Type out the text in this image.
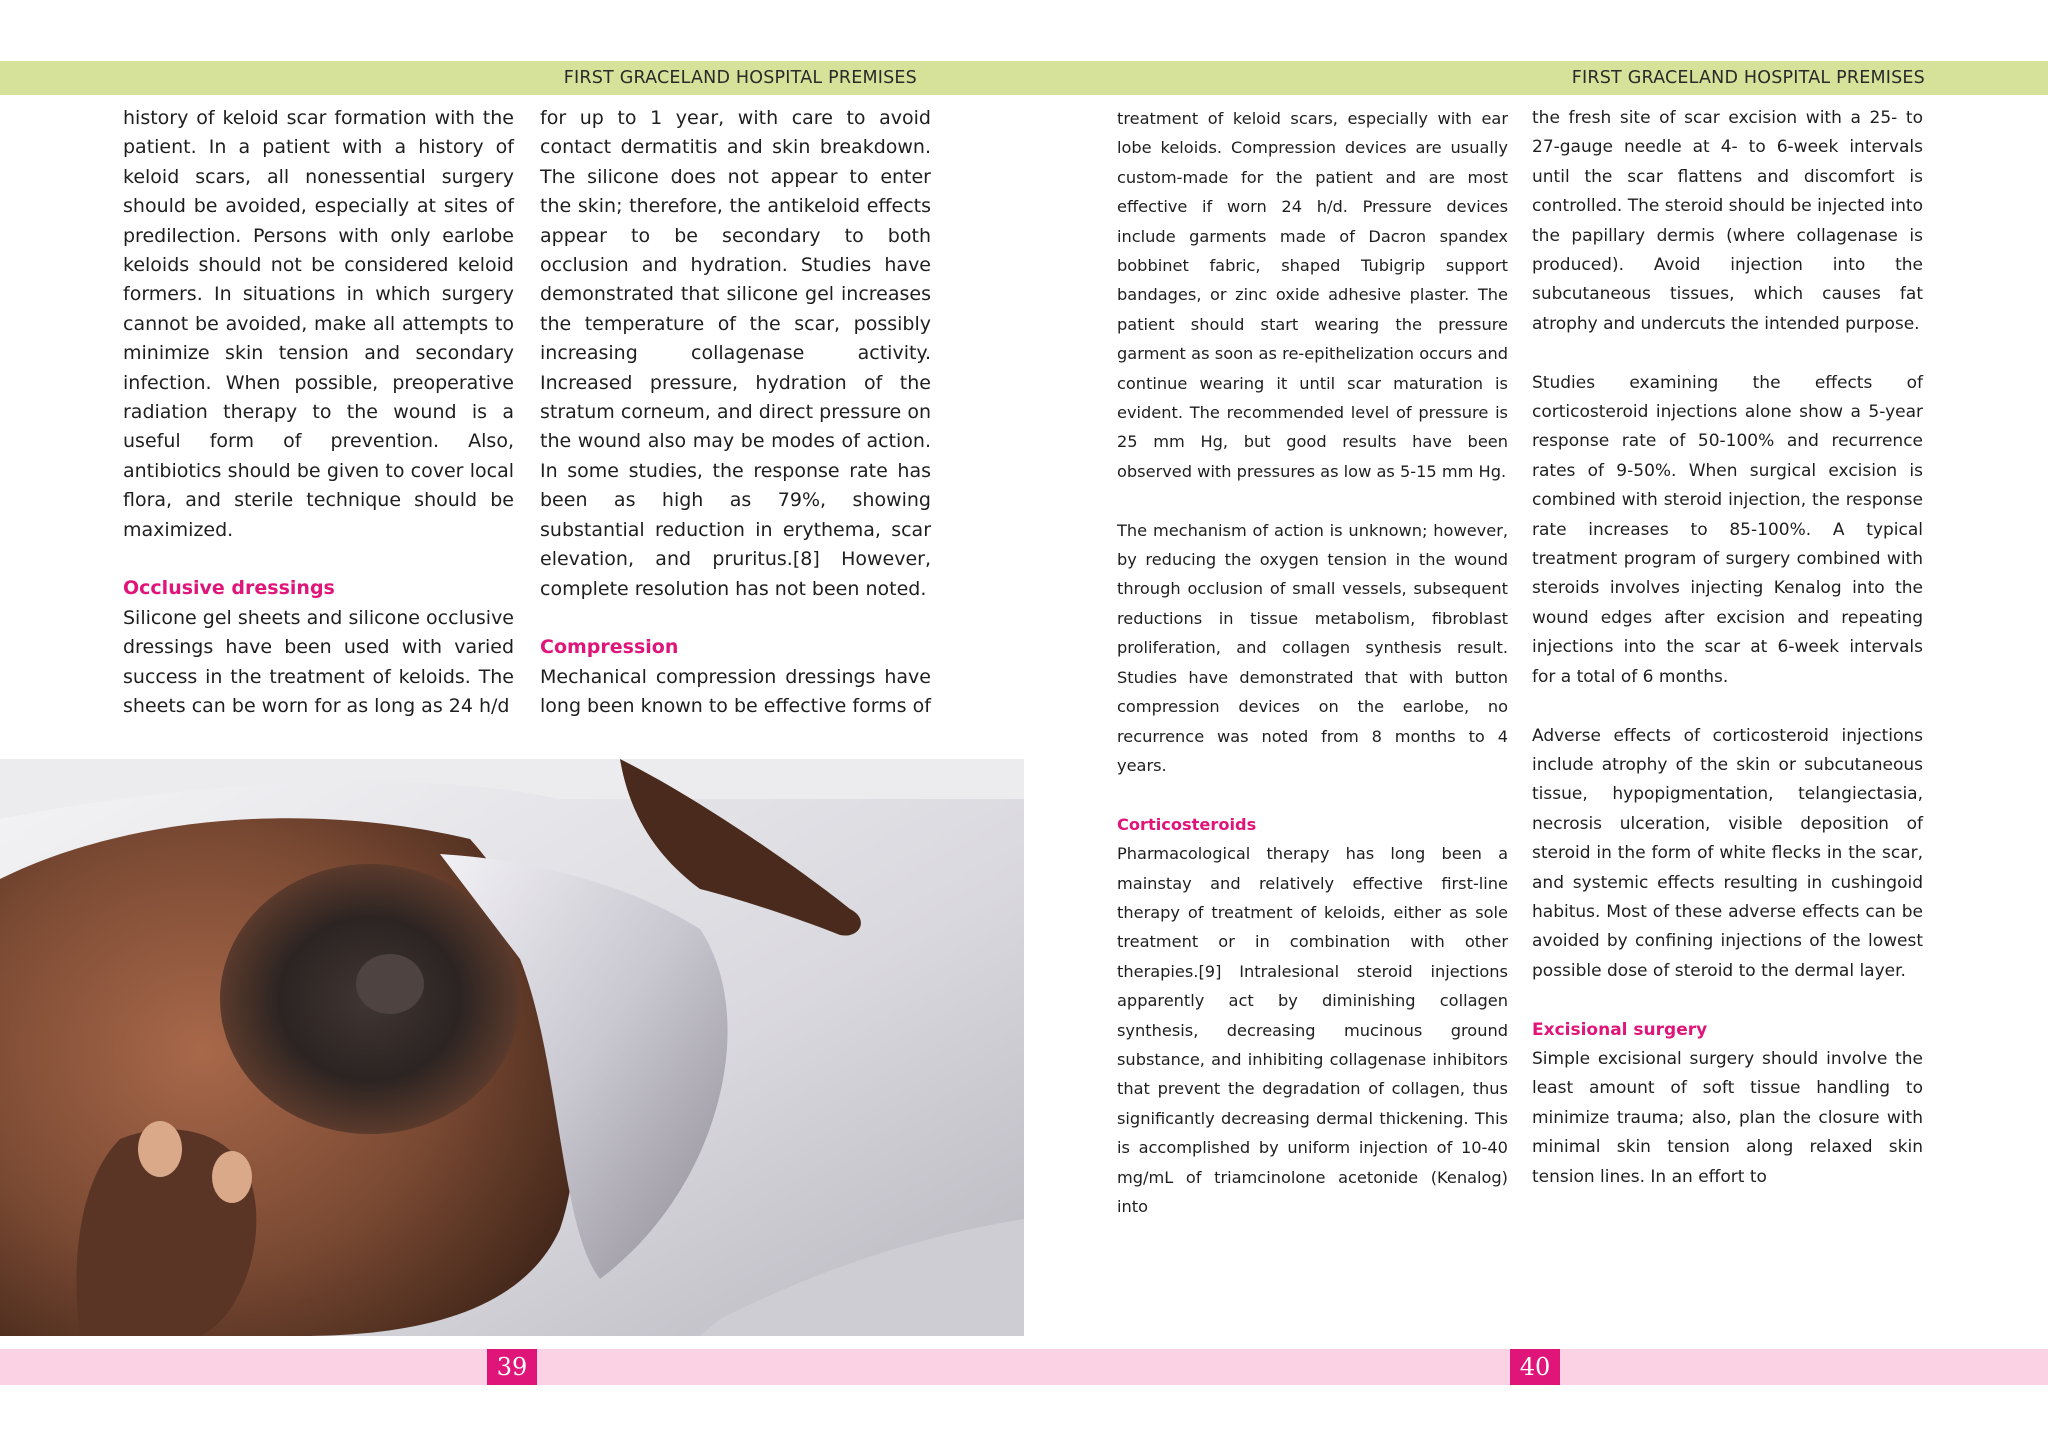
FIRST GRACELAND HOSPITAL PREMISES	FIRST GRACELAND HOSPITAL PREMISES

history of keloid scar formation with the patient. In a patient with a history of keloid scars, all nonessential surgery should be avoided, especially at sites of predilection. Persons with only earlobe keloids should not be considered keloid formers. In situations in which surgery cannot be avoided, make all attempts to minimize skin tension and secondary infection. When possible, preoperative radiation therapy to the wound is a useful form of prevention. Also, antibiotics should be given to cover local flora, and sterile technique should be maximized.

Occlusive dressings

Silicone gel sheets and silicone occlusive dressings have been used with varied success in the treatment of keloids. The sheets can be worn for as long as 24 h/d

for up to 1 year, with care to avoid contact dermatitis and skin breakdown. The silicone does not appear to enter the skin; therefore, the antikeloid effects appear to be secondary to both occlusion and hydration. Studies have demonstrated that silicone gel increases the temperature of the scar, possibly increasing collagenase activity. Increased pressure, hydration of the stratum corneum, and direct pressure on the wound also may be modes of action. In some studies, the response rate has been as high as 79%, showing substantial reduction in erythema, scar elevation, and pruritus.[8] However, complete resolution has not been noted.

Compression

Mechanical compression dressings have long been known to be effective forms of

treatment of keloid scars, especially with ear lobe keloids. Compression devices are usually custom-made for the patient and are most effective if worn 24 h/d. Pressure devices include garments made of Dacron spandex bobbinet fabric, shaped Tubigrip support bandages, or zinc oxide adhesive plaster. The patient should start wearing the pressure garment as soon as re-epithelization occurs and continue wearing it until scar maturation is evident. The recommended level of pressure is 25 mm Hg, but good results have been observed with pressures as low as 5-15 mm Hg.

The mechanism of action is unknown; however, by reducing the oxygen tension in the wound through occlusion of small vessels, subsequent reductions in tissue metabolism, fibroblast proliferation, and collagen synthesis result. Studies have demonstrated that with button compression devices on the earlobe, no recurrence was noted from 8 months to 4 years.

Corticosteroids

Pharmacological therapy has long been a mainstay and relatively effective first-line therapy of treatment of keloids, either as sole treatment or in combination with other therapies.[9] Intralesional steroid injections apparently act by diminishing collagen synthesis, decreasing mucinous ground substance, and inhibiting collagenase inhibitors that prevent the degradation of collagen, thus significantly decreasing dermal thickening. This is accomplished by uniform injection of 10-40 mg/mL of triamcinolone acetonide (Kenalog) into

the fresh site of scar excision with a 25- to 27-gauge needle at 4- to 6-week intervals until the scar flattens and discomfort is controlled. The steroid should be injected into the papillary dermis (where collagenase is produced). Avoid injection into the subcutaneous tissues, which causes fat atrophy and undercuts the intended purpose.

Studies examining the effects of corticosteroid injections alone show a 5-year response rate of 50-100% and recurrence rates of 9-50%. When surgical excision is combined with steroid injection, the response rate increases to 85-100%. A typical treatment program of surgery combined with steroids involves injecting Kenalog into the wound edges after excision and repeating injections into the scar at 6-week intervals for a total of 6 months.

Adverse effects of corticosteroid injections include atrophy of the skin or subcutaneous tissue, hypopigmentation, telangiectasia, necrosis ulceration, visible deposition of steroid in the form of white flecks in the scar, and systemic effects resulting in cushingoid habitus. Most of these adverse effects can be avoided by confining injections of the lowest possible dose of steroid to the dermal layer.

Excisional surgery

Simple excisional surgery should involve the least amount of soft tissue handling to minimize trauma; also, plan the closure with minimal skin tension along relaxed skin tension lines. In an effort to

39	40
